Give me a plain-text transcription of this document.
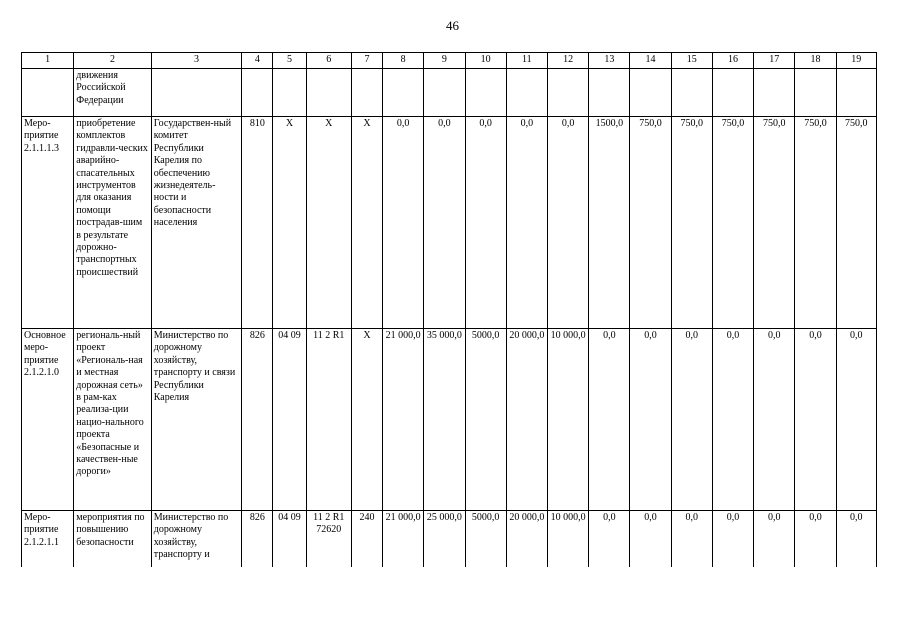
46
1	2	3	4	5	6	7	8	9	10	11	12	13	14	15	16	17	18	19
	движения Российской Федерации																	
Меро-приятие 2.1.1.1.3	приобретение комплектов гидравли-ческих аварийно-спасательных инструментов для оказания помощи пострадав-шим в результате дорожно-транспортных происшествий	Государствен-ный комитет Республики Карелия по обеспечению жизнедеятель-ности и безопасности населения	810	Х	Х	Х	0,0	0,0	0,0	0,0	0,0	1500,0	750,0	750,0	750,0	750,0	750,0	750,0
Основное меро-приятие 2.1.2.1.0	региональ-ный проект «Региональ-ная и местная дорожная сеть» в рам-ках реализа-ции нацио-нального проекта «Безопасные и качествен-ные дороги»	Министерство по дорожному хозяйству, транспорту и связи Республики Карелия	826	04 09	11 2 R1	Х	21 000,0	35 000,0	5000,0	20 000,0	10 000,0	0,0	0,0	0,0	0,0	0,0	0,0	0,0
Меро-приятие 2.1.2.1.1	мероприятия по повышению безопасности	Министерство по дорожному хозяйству, транспорту и	826	04 09	11 2 R1 72620	240	21 000,0	25 000,0	5000,0	20 000,0	10 000,0	0,0	0,0	0,0	0,0	0,0	0,0	0,0
